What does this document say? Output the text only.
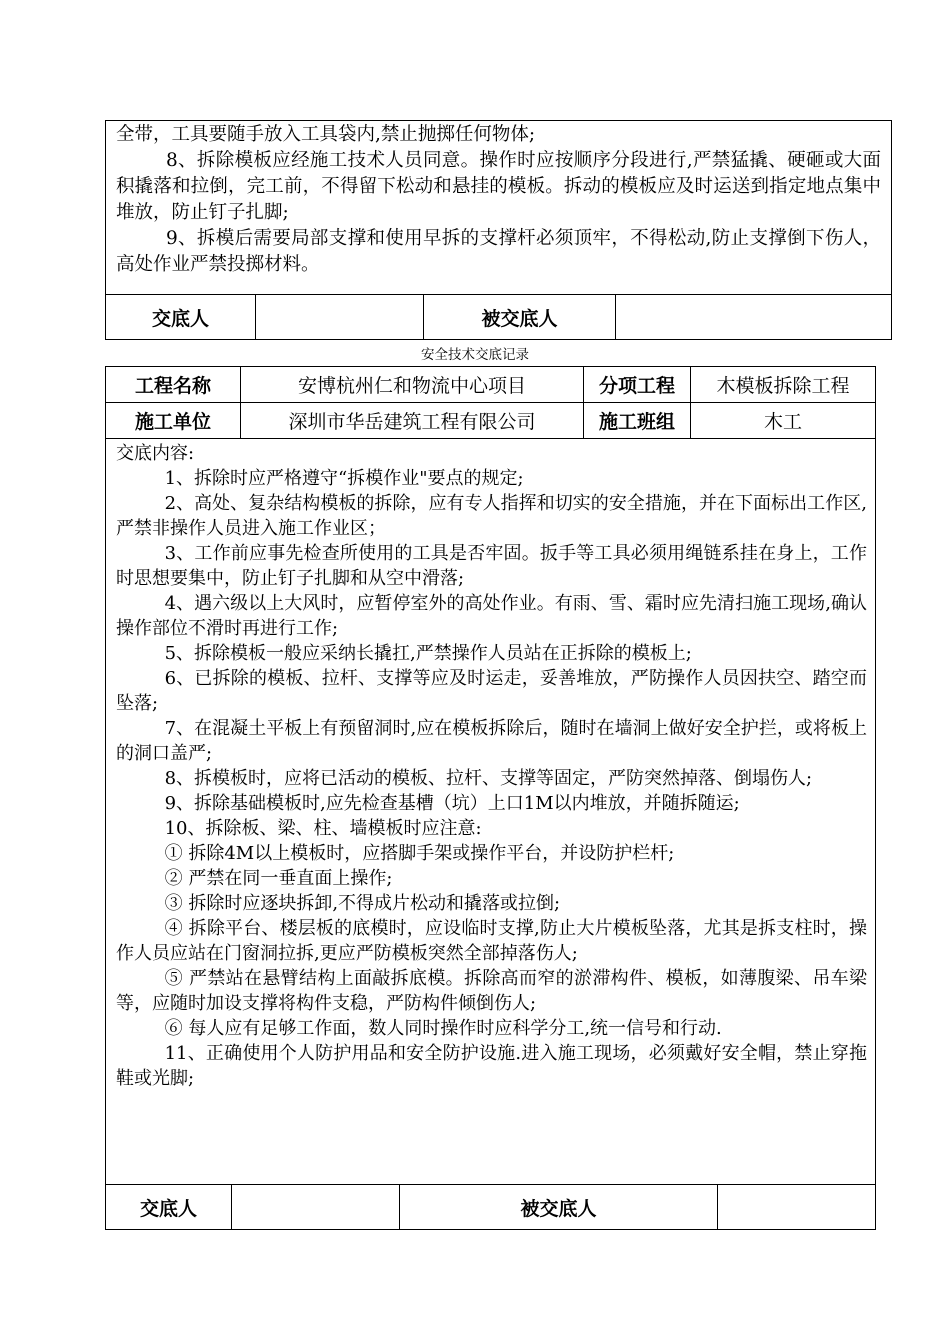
全带，工具要随手放入工具袋内,禁止抛掷任何物体;

8、拆除模板应经施工技术人员同意。操作时应按顺序分段进行,严禁猛撬、硬砸或大面积撬落和拉倒，完工前，不得留下松动和悬挂的模板。拆动的模板应及时运送到指定地点集中堆放，防止钉子扎脚;

9、拆模后需要局部支撑和使用早拆的支撑杆必须顶牢，不得松动,防止支撑倒下伤人，高处作业严禁投掷材料。

交底人	被交底人
安全技术交底记录
工程名称	安博杭州仁和物流中心项目	分项工程	木模板拆除工程
施工单位	深圳市华岳建筑工程有限公司	施工班组	木工

交底内容:

1、拆除时应严格遵守“拆模作业"要点的规定;

2、高处、复杂结构模板的拆除，应有专人指挥和切实的安全措施，并在下面标出工作区,严禁非操作人员进入施工作业区；

3、工作前应事先检查所使用的工具是否牢固。扳手等工具必须用绳链系挂在身上，工作时思想要集中，防止钉子扎脚和从空中滑落;

4、遇六级以上大风时，应暂停室外的高处作业。有雨、雪、霜时应先清扫施工现场,确认操作部位不滑时再进行工作;

5、拆除模板一般应采纳长撬扛,严禁操作人员站在正拆除的模板上;

6、已拆除的模板、拉杆、支撑等应及时运走，妥善堆放，严防操作人员因扶空、踏空而坠落;

7、在混凝土平板上有预留洞时,应在模板拆除后，随时在墙洞上做好安全护拦，或将板上的洞口盖严;

8、拆模板时，应将已活动的模板、拉杆、支撑等固定，严防突然掉落、倒塌伤人;

9、拆除基础模板时,应先检查基槽（坑）上口1M以内堆放，并随拆随运;

10、拆除板、梁、柱、墙模板时应注意:

① 拆除4M以上模板时，应搭脚手架或操作平台，并设防护栏杆;

② 严禁在同一垂直面上操作;

③ 拆除时应逐块拆卸,不得成片松动和撬落或拉倒;

④ 拆除平台、楼层板的底模时，应设临时支撑,防止大片模板坠落，尤其是拆支柱时，操作人员应站在门窗洞拉拆,更应严防模板突然全部掉落伤人;

⑤ 严禁站在悬臂结构上面敲拆底模。拆除高而窄的淤滞构件、模板，如薄腹梁、吊车梁等，应随时加设支撑将构件支稳，严防构件倾倒伤人;

⑥ 每人应有足够工作面，数人同时操作时应科学分工,统一信号和行动.

11、正确使用个人防护用品和安全防护设施.进入施工现场，必须戴好安全帽，禁止穿拖鞋或光脚;

交底人	被交底人
